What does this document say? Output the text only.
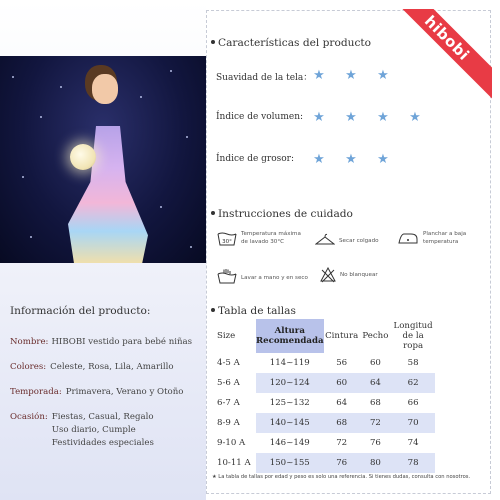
Información del producto:
Nombre: HIBOBI vestido para bebé niñas
Colores: Celeste, Rosa, Lila, Amarillo
Temporada: Primavera, Verano y Otoño
Ocasión: Fiestas, Casual, Regalo
Uso diario, Cumple
Festividades especiales
hibobi
Características del producto
Suavidad de la tela： ★	★	★
Índice de volumen: ★	★	★	★
Índice de grosor:	★	★	★
Instrucciones de cuidado
30°
Temperatura máxima
de lavado 30°C	Secar colgado
Planchar a baja
temperatura
Lavar a mano y en seco	No blanquear
Tabla de tallas
Size	Altura
Recomendada	Cintura	Pecho	Longitud
de la ropa
4-5 A	114~119	56	60	58
5-6 A	120~124	60	64	62
6-7 A	125~132	64	68	66
8-9 A	140~145	68	72	70
9-10 A	146~149	72	76	74
10-11 A	150~155	76	80	78
★ La tabla de tallas por edad y peso es solo una referencia. Si tienes dudas, consulta con nosotros.
